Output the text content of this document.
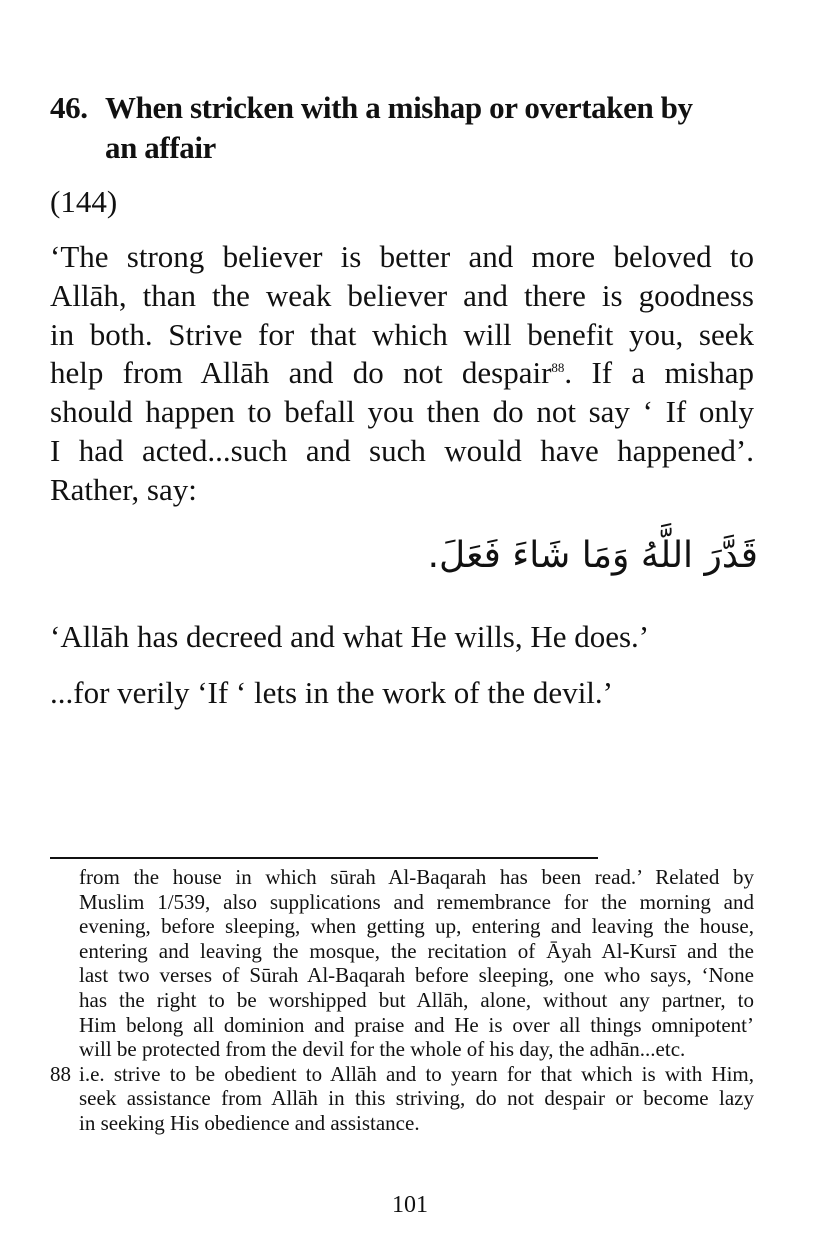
46. When stricken with a mishap or overtaken by
an affair
(144)
‘The strong believer is better and more beloved to
Allāh, than the weak believer and there is goodness
in both. Strive for that which will benefit you, seek
help from Allāh and do not despair$^{88}$. If a mishap
should happen to befall you then do not say ‘ If only
I had acted...such and such would have happened’.
Rather, say:
قَدَّرَ اللَّهُ وَمَا شَاءَ فَعَلَ.
‘Allāh has decreed and what He wills, He does.’
...for verily ‘If ‘ lets in the work of the devil.’
from the house in which sūrah Al-Baqarah has been read.’ Related by
Muslim 1/539, also supplications and remembrance for the morning and
evening, before sleeping, when getting up, entering and leaving the house,
entering and leaving the mosque, the recitation of Āyah Al-Kursī and the
last two verses of Sūrah Al-Baqarah before sleeping, one who says, ‘None
has the right to be worshipped but Allāh, alone, without any partner, to
Him belong all dominion and praise and He is over all things omnipotent’
will be protected from the devil for the whole of his day, the adhān...etc.
88 i.e. strive to be obedient to Allāh and to yearn for that which is with Him,
seek assistance from Allāh in this striving, do not despair or become lazy
in seeking His obedience and assistance.
101
